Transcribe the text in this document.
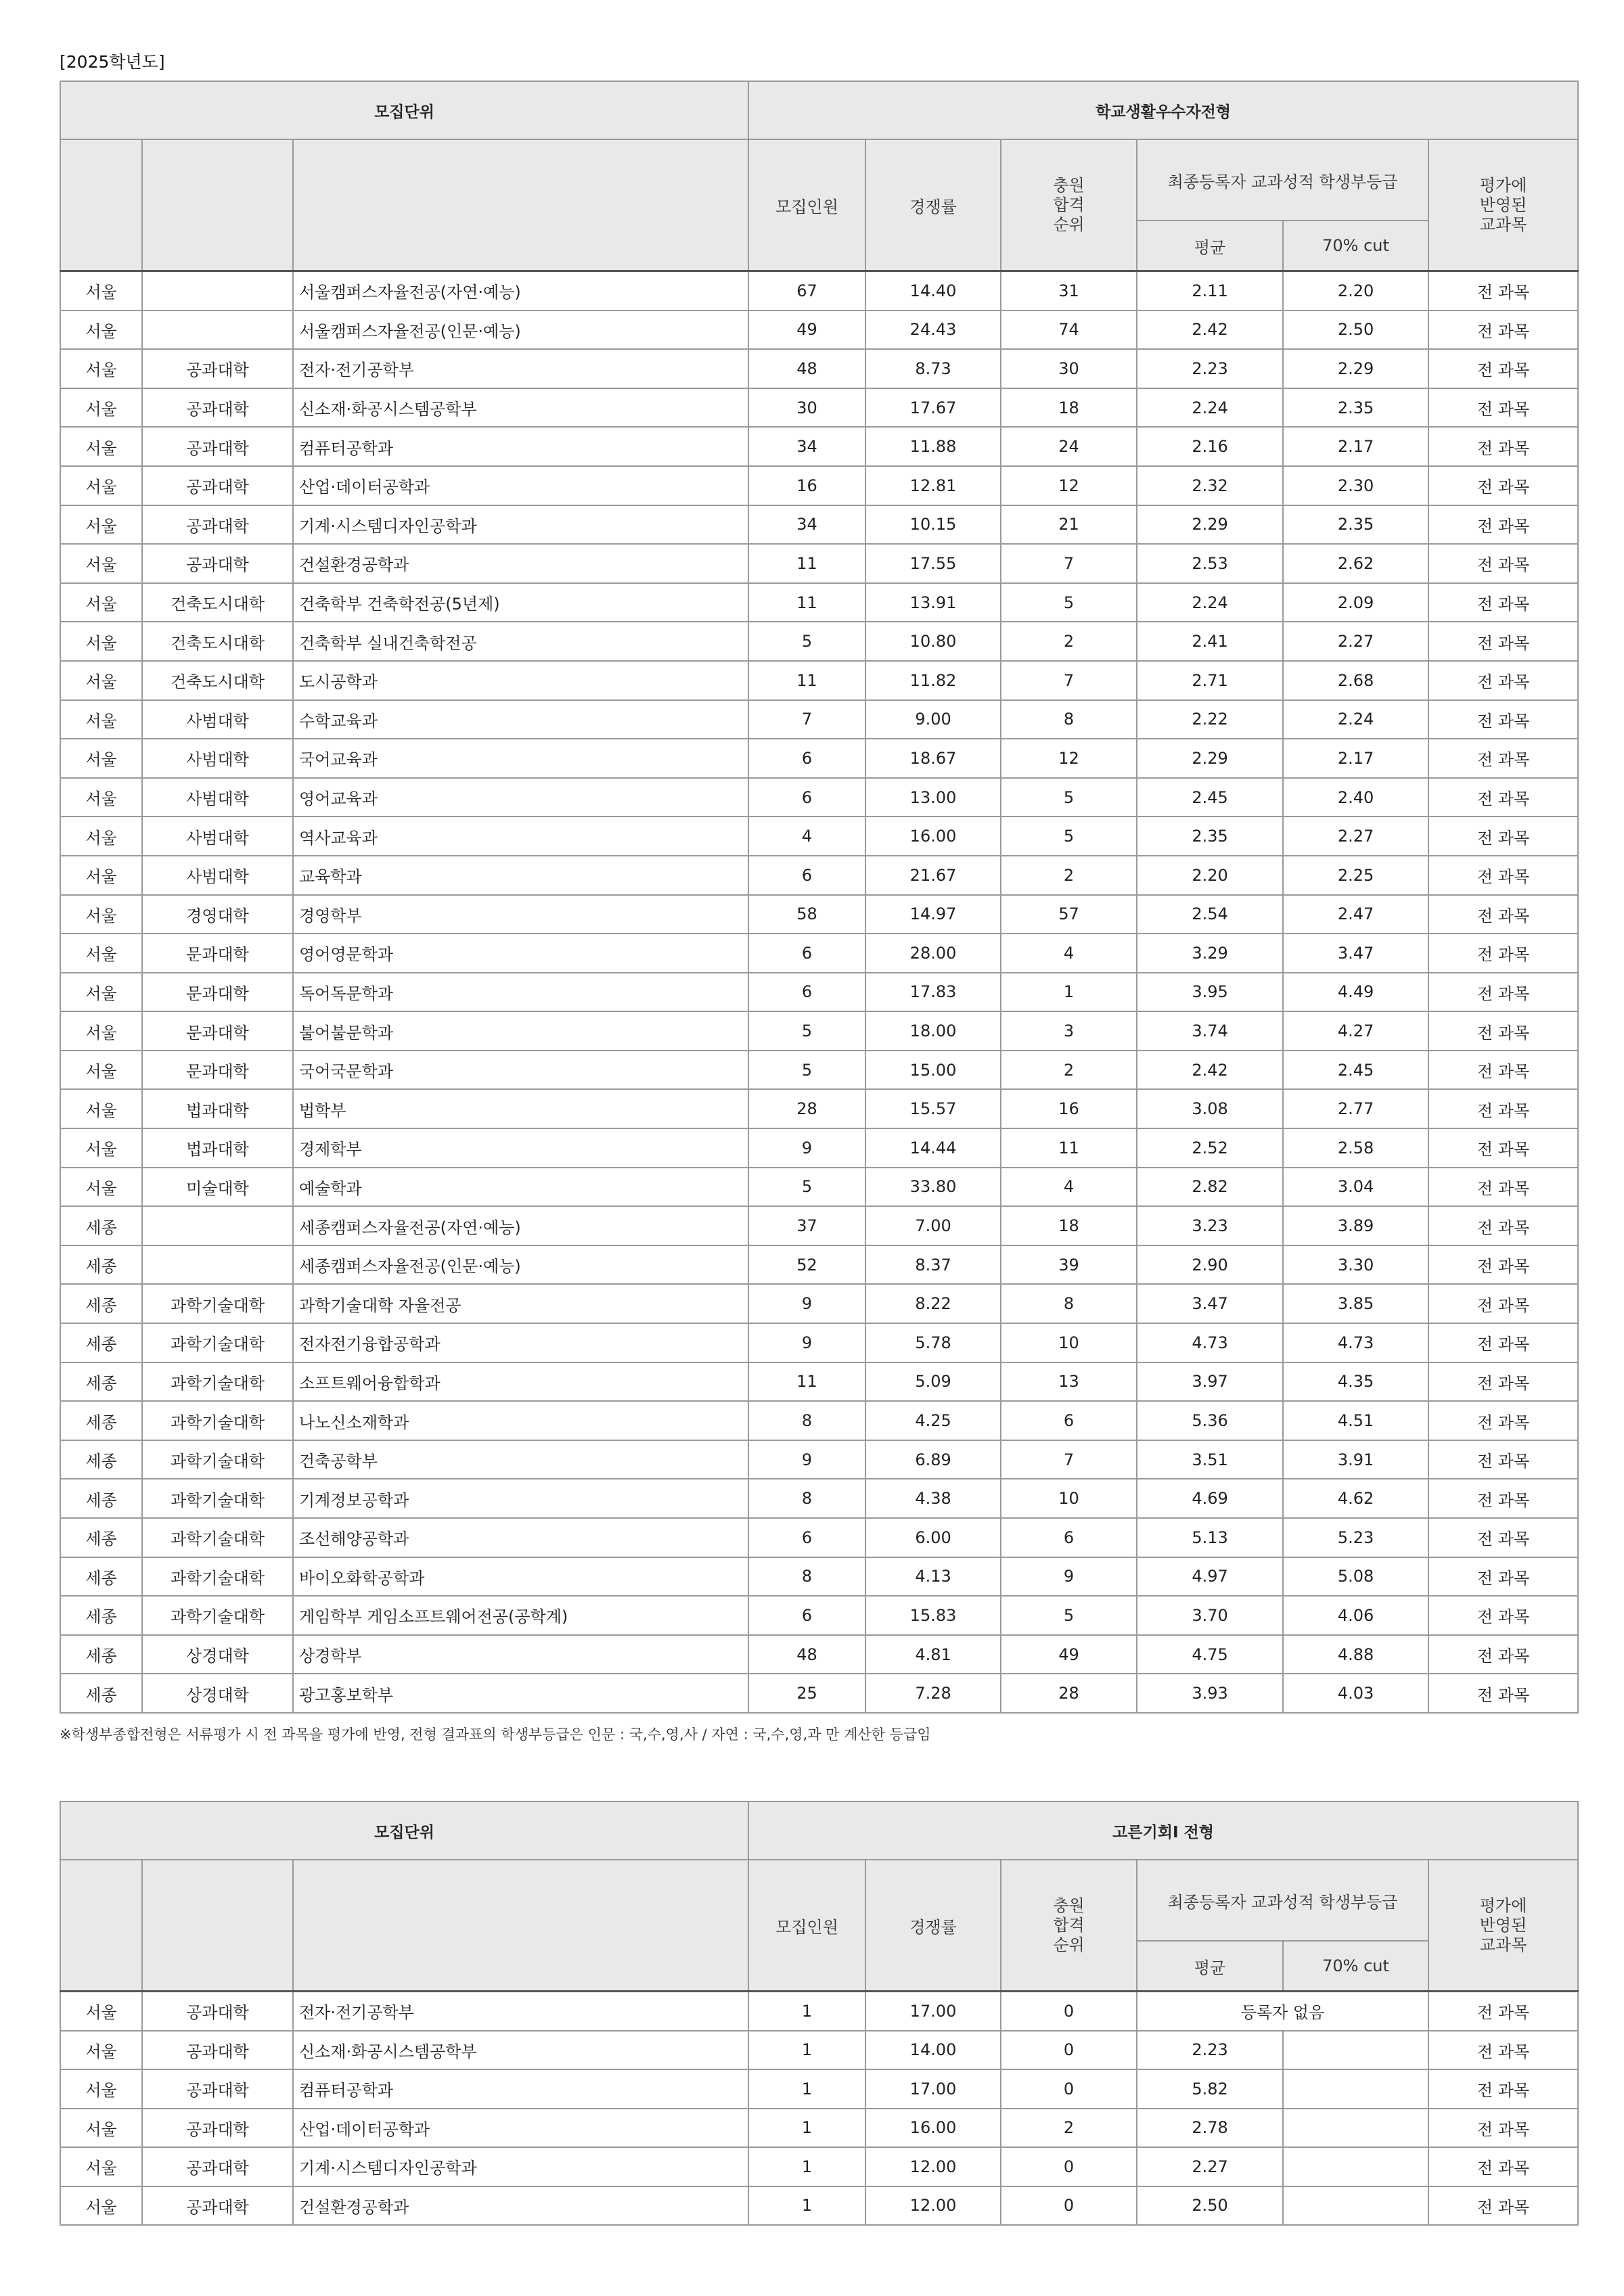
[2025학년도]
모집단위			학교생활우수자전형					
			모집인원	경쟁률	충원
합격
순위	최종등록자 교과성적 학생부등급		평가에
반영된
교과목
						평균	70% cut	
서울		서울캠퍼스자율전공(자연·예능)	67	14.40	31	2.11	2.20	전 과목
서울		서울캠퍼스자율전공(인문·예능)	49	24.43	74	2.42	2.50	전 과목
서울	공과대학	전자·전기공학부	48	8.73	30	2.23	2.29	전 과목
서울	공과대학	신소재·화공시스템공학부	30	17.67	18	2.24	2.35	전 과목
서울	공과대학	컴퓨터공학과	34	11.88	24	2.16	2.17	전 과목
서울	공과대학	산업·데이터공학과	16	12.81	12	2.32	2.30	전 과목
서울	공과대학	기계·시스템디자인공학과	34	10.15	21	2.29	2.35	전 과목
서울	공과대학	건설환경공학과	11	17.55	7	2.53	2.62	전 과목
서울	건축도시대학	건축학부 건축학전공(5년제)	11	13.91	5	2.24	2.09	전 과목
서울	건축도시대학	건축학부 실내건축학전공	5	10.80	2	2.41	2.27	전 과목
서울	건축도시대학	도시공학과	11	11.82	7	2.71	2.68	전 과목
서울	사범대학	수학교육과	7	9.00	8	2.22	2.24	전 과목
서울	사범대학	국어교육과	6	18.67	12	2.29	2.17	전 과목
서울	사범대학	영어교육과	6	13.00	5	2.45	2.40	전 과목
서울	사범대학	역사교육과	4	16.00	5	2.35	2.27	전 과목
서울	사범대학	교육학과	6	21.67	2	2.20	2.25	전 과목
서울	경영대학	경영학부	58	14.97	57	2.54	2.47	전 과목
서울	문과대학	영어영문학과	6	28.00	4	3.29	3.47	전 과목
서울	문과대학	독어독문학과	6	17.83	1	3.95	4.49	전 과목
서울	문과대학	불어불문학과	5	18.00	3	3.74	4.27	전 과목
서울	문과대학	국어국문학과	5	15.00	2	2.42	2.45	전 과목
서울	법과대학	법학부	28	15.57	16	3.08	2.77	전 과목
서울	법과대학	경제학부	9	14.44	11	2.52	2.58	전 과목
서울	미술대학	예술학과	5	33.80	4	2.82	3.04	전 과목
세종		세종캠퍼스자율전공(자연·예능)	37	7.00	18	3.23	3.89	전 과목
세종		세종캠퍼스자율전공(인문·예능)	52	8.37	39	2.90	3.30	전 과목
세종	과학기술대학	과학기술대학 자율전공	9	8.22	8	3.47	3.85	전 과목
세종	과학기술대학	전자전기융합공학과	9	5.78	10	4.73	4.73	전 과목
세종	과학기술대학	소프트웨어융합학과	11	5.09	13	3.97	4.35	전 과목
세종	과학기술대학	나노신소재학과	8	4.25	6	5.36	4.51	전 과목
세종	과학기술대학	건축공학부	9	6.89	7	3.51	3.91	전 과목
세종	과학기술대학	기계정보공학과	8	4.38	10	4.69	4.62	전 과목
세종	과학기술대학	조선해양공학과	6	6.00	6	5.13	5.23	전 과목
세종	과학기술대학	바이오화학공학과	8	4.13	9	4.97	5.08	전 과목
세종	과학기술대학	게임학부 게임소프트웨어전공(공학계)	6	15.83	5	3.70	4.06	전 과목
세종	상경대학	상경학부	48	4.81	49	4.75	4.88	전 과목
세종	상경대학	광고홍보학부	25	7.28	28	3.93	4.03	전 과목
※학생부종합전형은 서류평가 시 전 과목을 평가에 반영, 전형 결과표의 학생부등급은 인문 : 국,수,영,사 / 자연 : 국,수,영,과 만 계산한 등급임
모집단위			고른기회Ⅰ 전형					
			모집인원	경쟁률	충원
합격
순위	최종등록자 교과성적 학생부등급		평가에
반영된
교과목
						평균	70% cut	
서울	공과대학	전자·전기공학부	1	17.00	0	등록자 없음		전 과목
서울	공과대학	신소재·화공시스템공학부	1	14.00	0	2.23		전 과목
서울	공과대학	컴퓨터공학과	1	17.00	0	5.82		전 과목
서울	공과대학	산업·데이터공학과	1	16.00	2	2.78		전 과목
서울	공과대학	기계·시스템디자인공학과	1	12.00	0	2.27		전 과목
서울	공과대학	건설환경공학과	1	12.00	0	2.50		전 과목
